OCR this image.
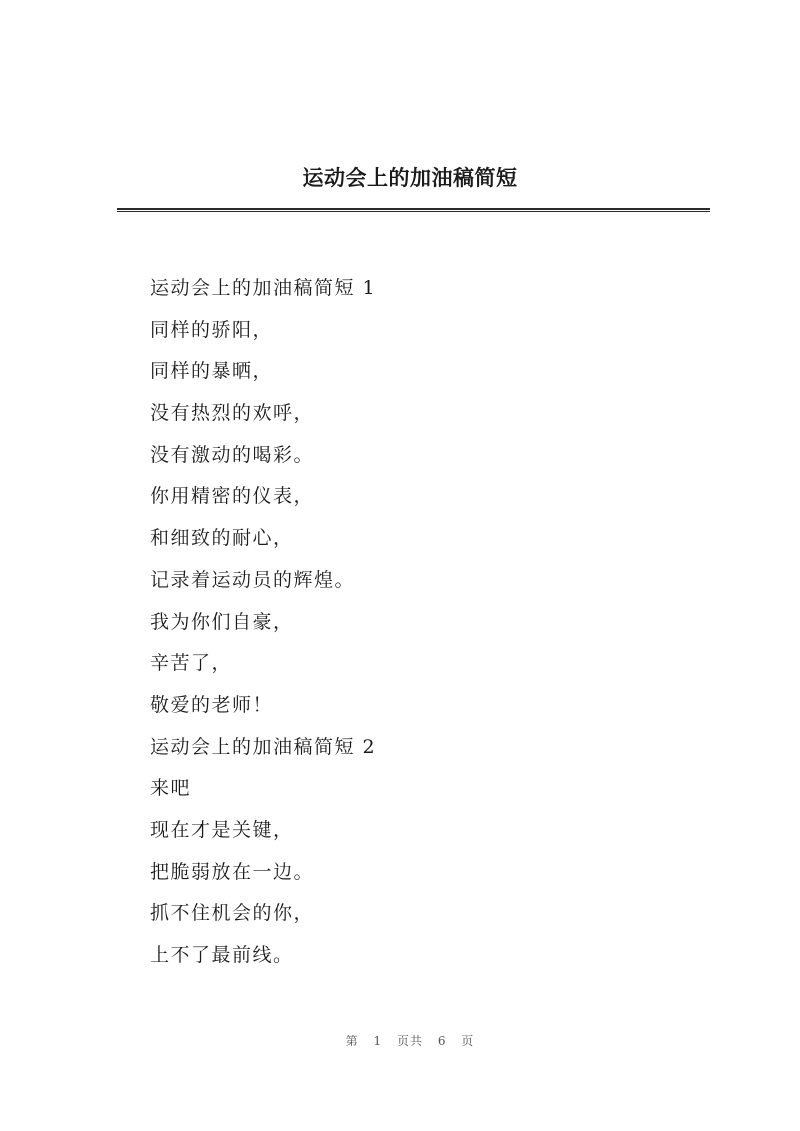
运动会上的加油稿简短
运动会上的加油稿简短 1
同样的骄阳，
同样的暴晒，
没有热烈的欢呼，
没有激动的喝彩。
你用精密的仪表，
和细致的耐心，
记录着运动员的辉煌。
我为你们自豪，
辛苦了，
敬爱的老师！
运动会上的加油稿简短 2
来吧
现在才是关键，
把脆弱放在一边。
抓不住机会的你，
上不了最前线。
第 1 页共 6 页
